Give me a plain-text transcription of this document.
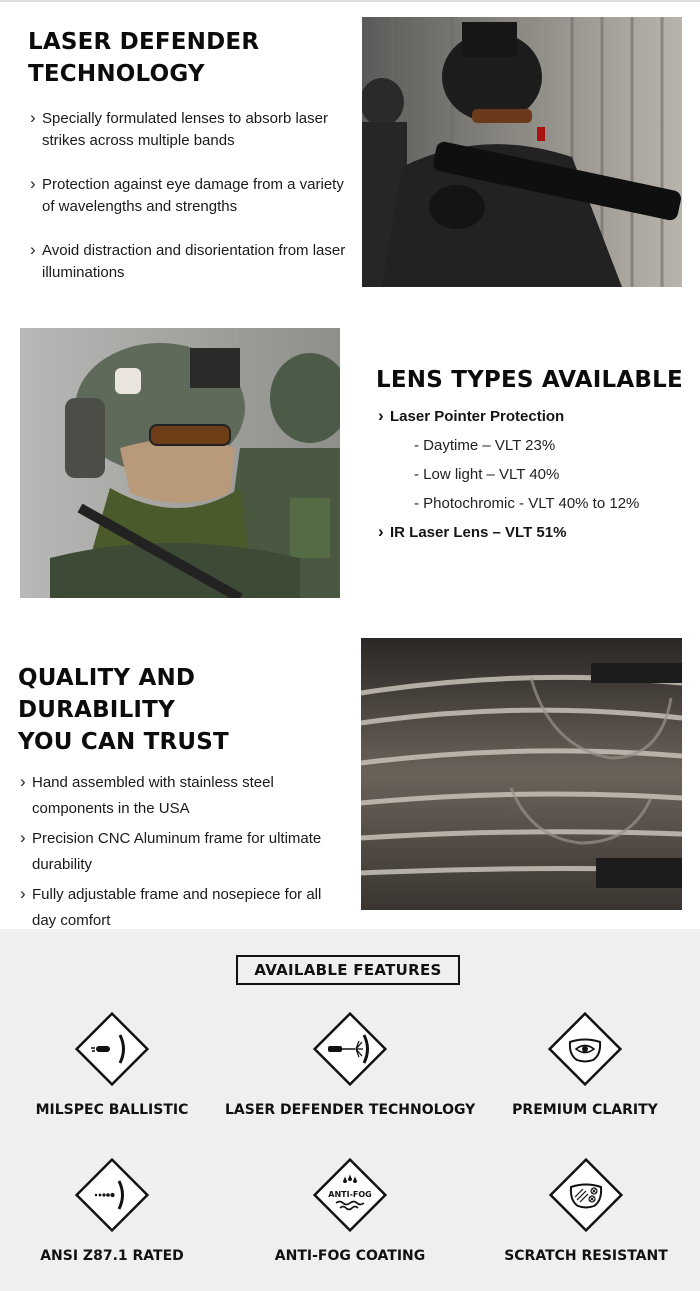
LASER DEFENDER
TECHNOLOGY
› Specially formulated lenses to absorb laser strikes across multiple bands
› Protection against eye damage from a variety of wavelengths and strengths
› Avoid distraction and disorientation from laser illuminations
LENS TYPES AVAILABLE
› Laser Pointer Protection
- Daytime – VLT 23%
- Low light – VLT 40%
- Photochromic - VLT 40% to 12%
› IR Laser Lens – VLT 51%
QUALITY AND DURABILITY
YOU CAN TRUST
› Hand assembled with stainless steel components in the USA
› Precision CNC Aluminum frame for ultimate durability
› Fully adjustable frame and nosepiece for all day comfort
AVAILABLE FEATURES
MILSPEC BALLISTIC	LASER DEFENDER TECHNOLOGY	PREMIUM CLARITY
ANSI Z87.1 RATED
ANTI-FOG
ANTI-FOG COATING	SCRATCH RESISTANT
